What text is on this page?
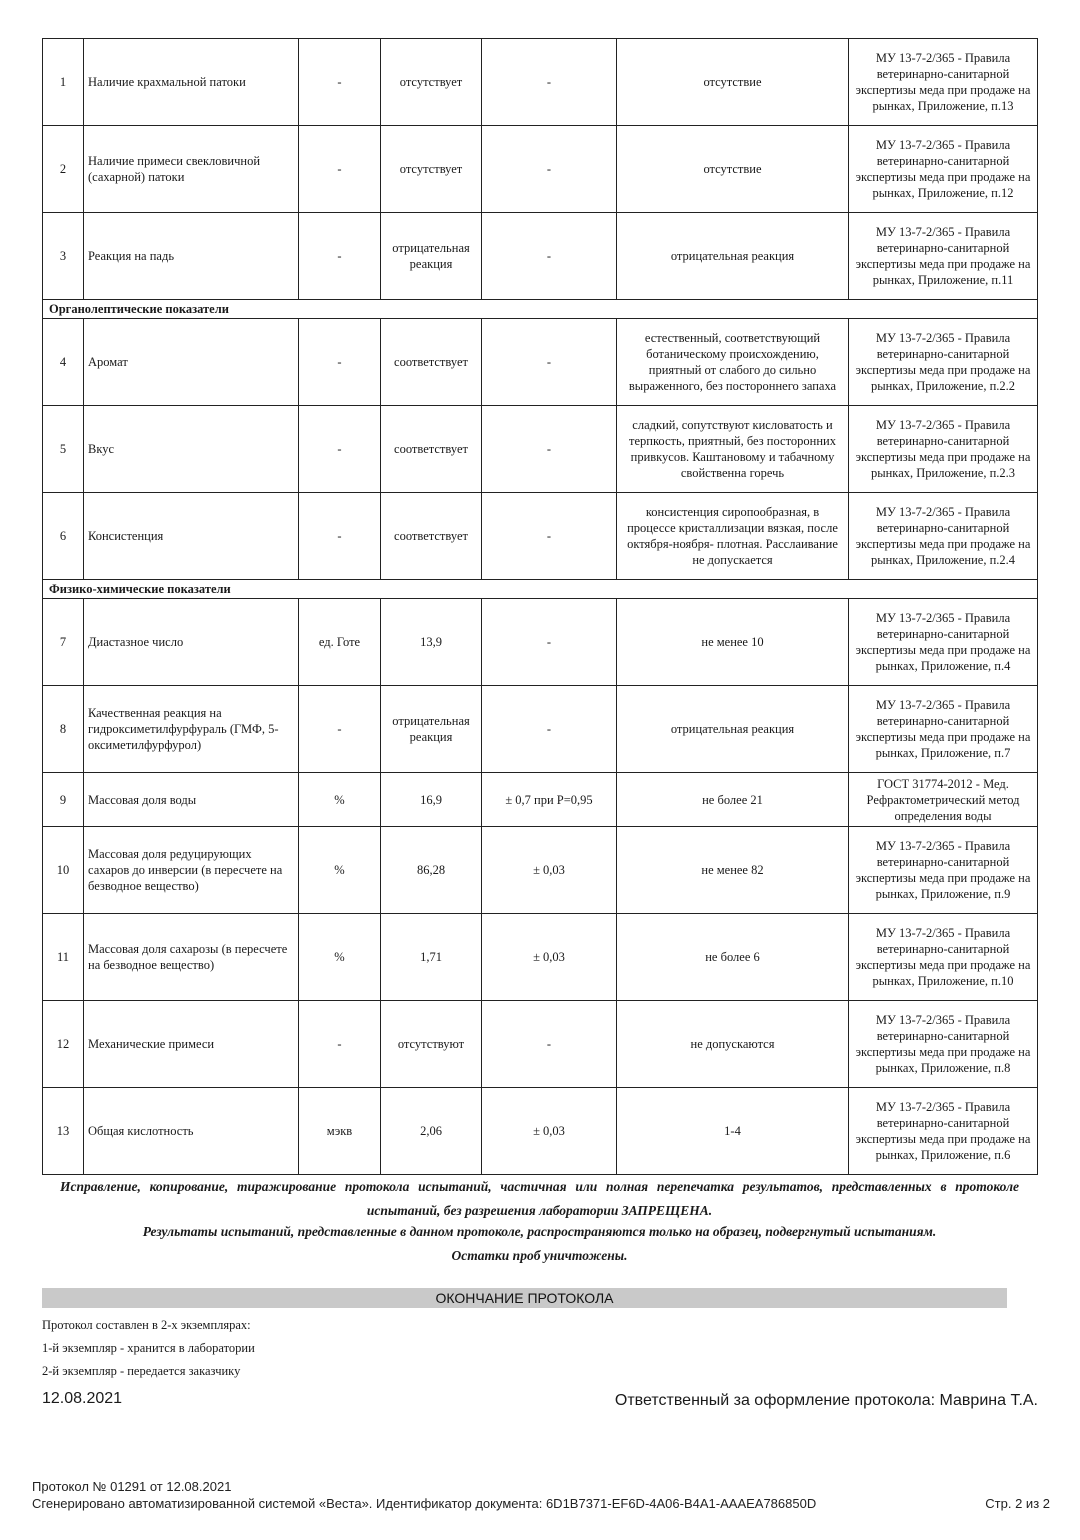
1	Наличие крахмальной патоки	-	отсутствует	-	отсутствие	МУ 13-7-2/365 - Правила ветеринарно-санитарной экспертизы меда при продаже на рынках, Приложение, п.13
2	Наличие примеси свекловичной (сахарной) патоки	-	отсутствует	-	отсутствие	МУ 13-7-2/365 - Правила ветеринарно-санитарной экспертизы меда при продаже на рынках, Приложение, п.12
3	Реакция на падь	-	отрицательная реакция	-	отрицательная реакция	МУ 13-7-2/365 - Правила ветеринарно-санитарной экспертизы меда при продаже на рынках, Приложение, п.11
Органолептические показатели						
4	Аромат	-	соответствует	-	естественный, соответствующий ботаническому происхождению, приятный от слабого до сильно выраженного, без постороннего запаха	МУ 13-7-2/365 - Правила ветеринарно-санитарной экспертизы меда при продаже на рынках, Приложение, п.2.2
5	Вкус	-	соответствует	-	сладкий, сопутствуют кисловатость и терпкость, приятный, без посторонних привкусов. Каштановому и табачному свойственна горечь	МУ 13-7-2/365 - Правила ветеринарно-санитарной экспертизы меда при продаже на рынках, Приложение, п.2.3
6	Консистенция	-	соответствует	-	консистенция сиропообразная, в процессе кристаллизации вязкая, после октября-ноября- плотная. Расслаивание не допускается	МУ 13-7-2/365 - Правила ветеринарно-санитарной экспертизы меда при продаже на рынках, Приложение, п.2.4
Физико-химические показатели						
7	Диастазное число	ед. Готе	13,9	-	не менее 10	МУ 13-7-2/365 - Правила ветеринарно-санитарной экспертизы меда при продаже на рынках, Приложение, п.4
8	Качественная реакция на гидроксиметилфурфураль (ГМФ, 5-оксиметилфурфурол)	-	отрицательная реакция	-	отрицательная реакция	МУ 13-7-2/365 - Правила ветеринарно-санитарной экспертизы меда при продаже на рынках, Приложение, п.7
9	Массовая доля воды	%	16,9	± 0,7 при P=0,95	не более 21	ГОСТ 31774-2012 - Мед. Рефрактометрический метод определения воды
10	Массовая доля редуцирующих сахаров до инверсии (в пересчете на безводное вещество)	%	86,28	± 0,03	не менее 82	МУ 13-7-2/365 - Правила ветеринарно-санитарной экспертизы меда при продаже на рынках, Приложение, п.9
11	Массовая доля сахарозы (в пересчете на безводное вещество)	%	1,71	± 0,03	не более 6	МУ 13-7-2/365 - Правила ветеринарно-санитарной экспертизы меда при продаже на рынках, Приложение, п.10
12	Механические примеси	-	отсутствуют	-	не допускаются	МУ 13-7-2/365 - Правила ветеринарно-санитарной экспертизы меда при продаже на рынках, Приложение, п.8
13	Общая кислотность	мэкв	2,06	± 0,03	1-4	МУ 13-7-2/365 - Правила ветеринарно-санитарной экспертизы меда при продаже на рынках, Приложение, п.6
Исправление, копирование, тиражирование протокола испытаний, частичная или полная перепечатка результатов, представленных в протоколе испытаний, без разрешения лаборатории ЗАПРЕЩЕНА.
Результаты испытаний, представленные в данном протоколе, распространяются только на образец, подвергнутый испытаниям.
Остатки проб уничтожены.
ОКОНЧАНИЕ ПРОТОКОЛА
Протокол составлен в 2-х экземплярах:
1-й экземпляр - хранится в лаборатории
2-й экземпляр - передается заказчику
12.08.2021	Ответственный за оформление протокола: Маврина Т.А.
Протокол № 01291 от 12.08.2021
Сгенерировано автоматизированной системой «Веста». Идентификатор документа: 6D1B7371-EF6D-4A06-B4A1-AAAEA786850D	Стр. 2 из 2
